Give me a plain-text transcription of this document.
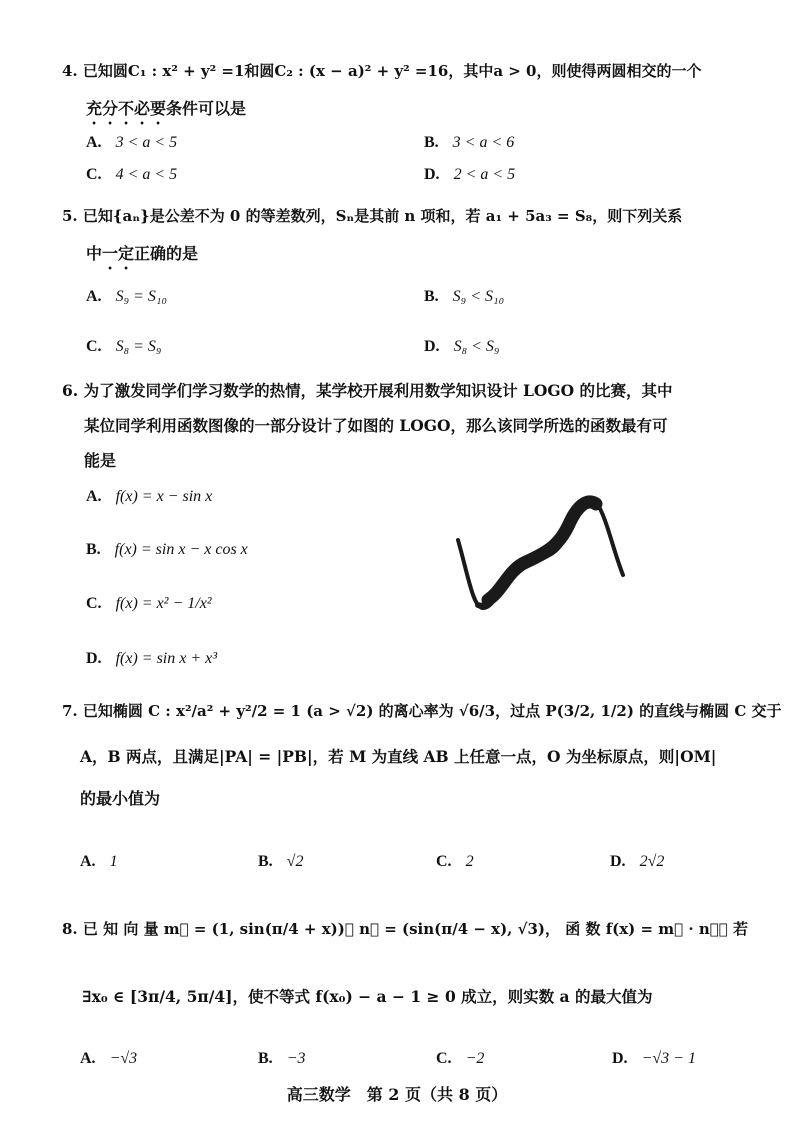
4. 已知圆C₁ : x² + y² =1和圆C₂ : (x − a)² + y² =16，其中a > 0，则使得两圆相交的一个
充分不必要条件可以是
A. 3 < a < 5	B. 3 < a < 6
C. 4 < a < 5	D. 2 < a < 5
5. 已知{aₙ}是公差不为 0 的等差数列，Sₙ是其前 n 项和，若 a₁ + 5a₃ = S₈，则下列关系
中一定正确的是
A. S₉ = S₁₀	B. S₉ < S₁₀
C. S₈ = S₉	D. S₈ < S₉
6. 为了激发同学们学习数学的热情，某学校开展利用数学知识设计 LOGO 的比赛，其中
某位同学利用函数图像的一部分设计了如图的 LOGO，那么该同学所选的函数最有可
能是
A. f(x) = x − sin x
B. f(x) = sin x − x cos x
C. f(x) = x² − 1/x²
D. f(x) = sin x + x³
7. 已知椭圆 C : x²/a² + y²/2 = 1 (a > √2) 的离心率为 √6/3，过点 P(3/2, 1/2) 的直线与椭圆 C 交于
A，B 两点，且满足|PA| = |PB|，若 M 为直线 AB 上任意一点，O 为坐标原点，则|OM|
的最小值为
A. 1	B. √2	C. 2	D. 2√2
8. 已 知 向 量 m⃗ = (1, sin(π/4 + x))， n⃗ = (sin(π/4 − x), √3)， 函 数 f(x) = m⃗ · n⃗， 若
∃x₀ ∈ [3π/4, 5π/4]，使不等式 f(x₀) − a − 1 ≥ 0 成立，则实数 a 的最大值为
A. −√3	B. −3	C. −2	D. −√3 − 1
高三数学　第 2 页（共 8 页）
